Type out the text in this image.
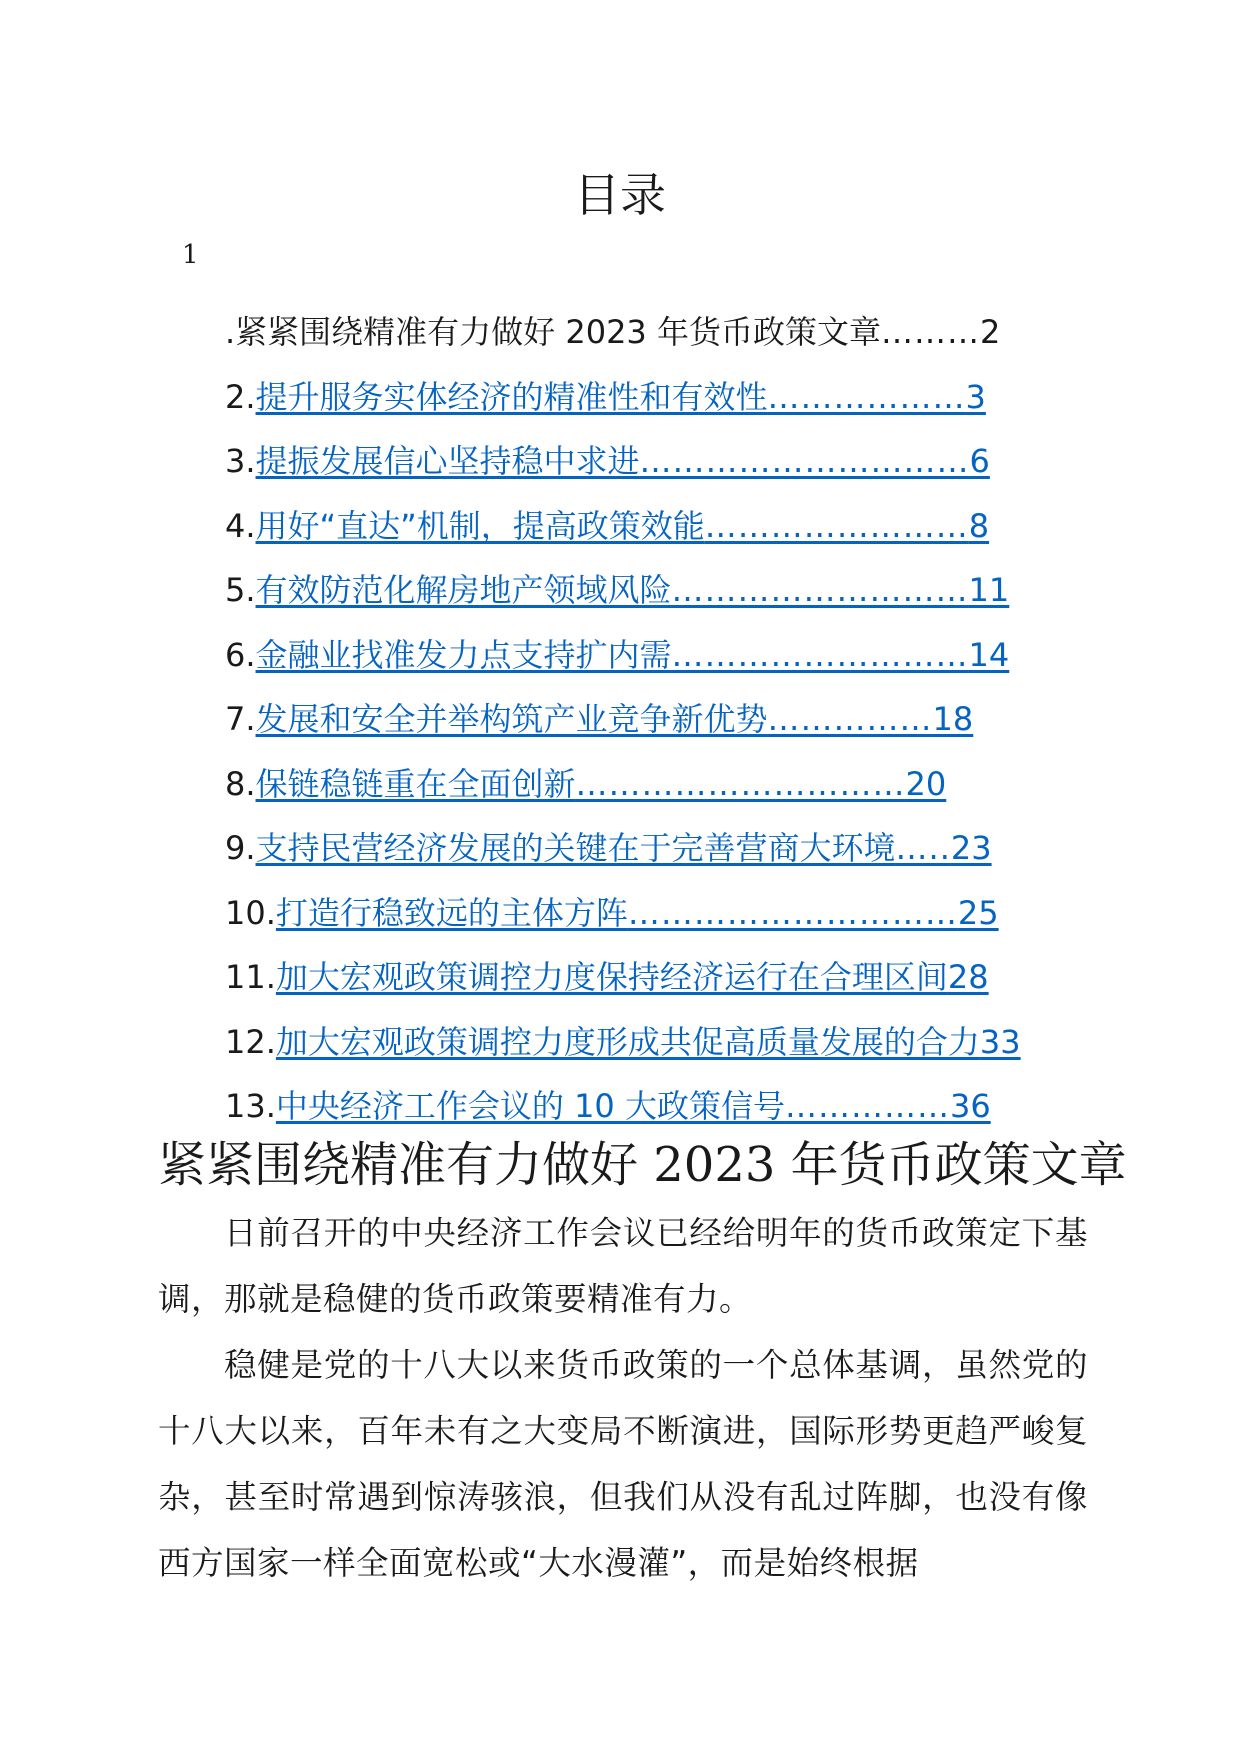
目录
1
.紧紧围绕精准有力做好 2023 年货币政策文章 ……… 2
2. 提升服务实体经济的精准性和有效性 ……………… 3
3. 提振发展信心坚持稳中求进 ………………………… 6
4. 用好“直达”机制，提高政策效能 …………………… 8
5. 有效防范化解房地产领域风险 ……………………… 11
6. 金融业找准发力点支持扩内需 ……………………… 14
7. 发展和安全并举构筑产业竞争新优势 …………… 18
8. 保链稳链重在全面创新 ………………………… 20
9. 支持民营经济发展的关键在于完善营商大环境 ….. 23
10. 打造行稳致远的主体方阵 ………………………… 25
11. 加大宏观政策调控力度保持经济运行在合理区间 28
12. 加大宏观政策调控力度形成共促高质量发展的合力 33
13. 中央经济工作会议的 10 大政策信号 …………… 36
紧紧围绕精准有力做好 2023 年货币政策文章

日前召开的中央经济工作会议已经给明年的货币政策定下基调，那就是稳健的货币政策要精准有力。

稳健是党的十八大以来货币政策的一个总体基调，虽然党的十八大以来，百年未有之大变局不断演进，国际形势更趋严峻复杂，甚至时常遇到惊涛骇浪，但我们从没有乱过阵脚，也没有像西方国家一样全面宽松或“大水漫灌”，而是始终根据
